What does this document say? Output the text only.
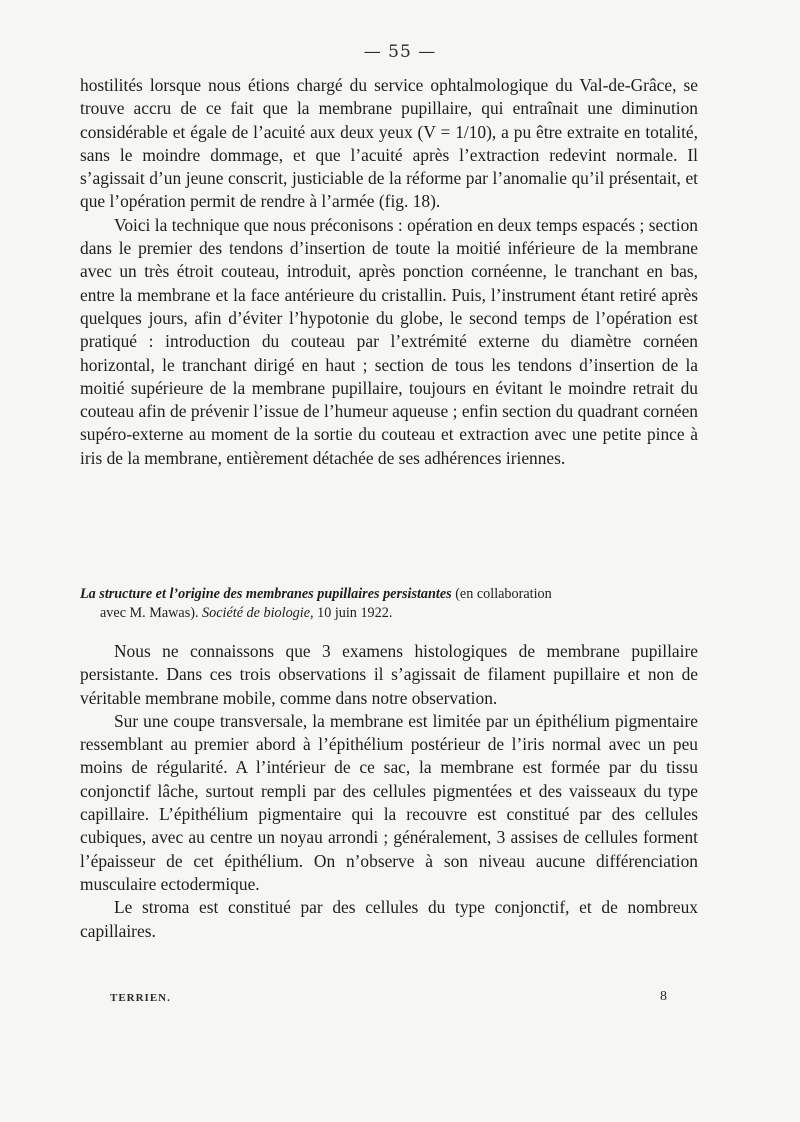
— 55 —

hostilités lorsque nous étions chargé du service ophtalmologique du Val-de-Grâce, se trouve accru de ce fait que la membrane pupillaire, qui entraînait une diminution considérable et égale de l’acuité aux deux yeux (V = 1/10), a pu être extraite en totalité, sans le moindre dommage, et que l’acuité après l’extraction redevint normale. Il s’agissait d’un jeune conscrit, justiciable de la réforme par l’anomalie qu’il présentait, et que l’opération permit de rendre à l’armée (fig. 18).

Voici la technique que nous préconisons : opération en deux temps espacés ; section dans le premier des tendons d’insertion de toute la moitié inférieure de la membrane avec un très étroit couteau, introduit, après ponction cornéenne, le tranchant en bas, entre la membrane et la face antérieure du cristallin. Puis, l’instrument étant retiré après quelques jours, afin d’éviter l’hypotonie du globe, le second temps de l’opération est pratiqué : introduction du couteau par l’extrémité externe du diamètre cornéen horizontal, le tranchant dirigé en haut ; section de tous les tendons d’insertion de la moitié supérieure de la membrane pupillaire, toujours en évitant le moindre retrait du couteau afin de prévenir l’issue de l’humeur aqueuse ; enfin section du quadrant cornéen supéro-externe au moment de la sortie du couteau et extraction avec une petite pince à iris de la membrane, entièrement détachée de ses adhérences iriennes.

La structure et l’origine des membranes pupillaires persistantes (en collaboration
avec M. Mawas). Société de biologie, 10 juin 1922.

Nous ne connaissons que 3 examens histologiques de membrane pupillaire persistante. Dans ces trois observations il s’agissait de filament pupillaire et non de véritable membrane mobile, comme dans notre observation.

Sur une coupe transversale, la membrane est limitée par un épithélium pigmentaire ressemblant au premier abord à l’épithélium postérieur de l’iris normal avec un peu moins de régularité. A l’intérieur de ce sac, la membrane est formée par du tissu conjonctif lâche, surtout rempli par des cellules pigmentées et des vaisseaux du type capillaire. L’épithélium pigmentaire qui la recouvre est constitué par des cellules cubiques, avec au centre un noyau arrondi ; généralement, 3 assises de cellules forment l’épaisseur de cet épithélium. On n’observe à son niveau aucune différenciation musculaire ectodermique.

Le stroma est constitué par des cellules du type conjonctif, et de nombreux capillaires.

TERRIEN.	8
